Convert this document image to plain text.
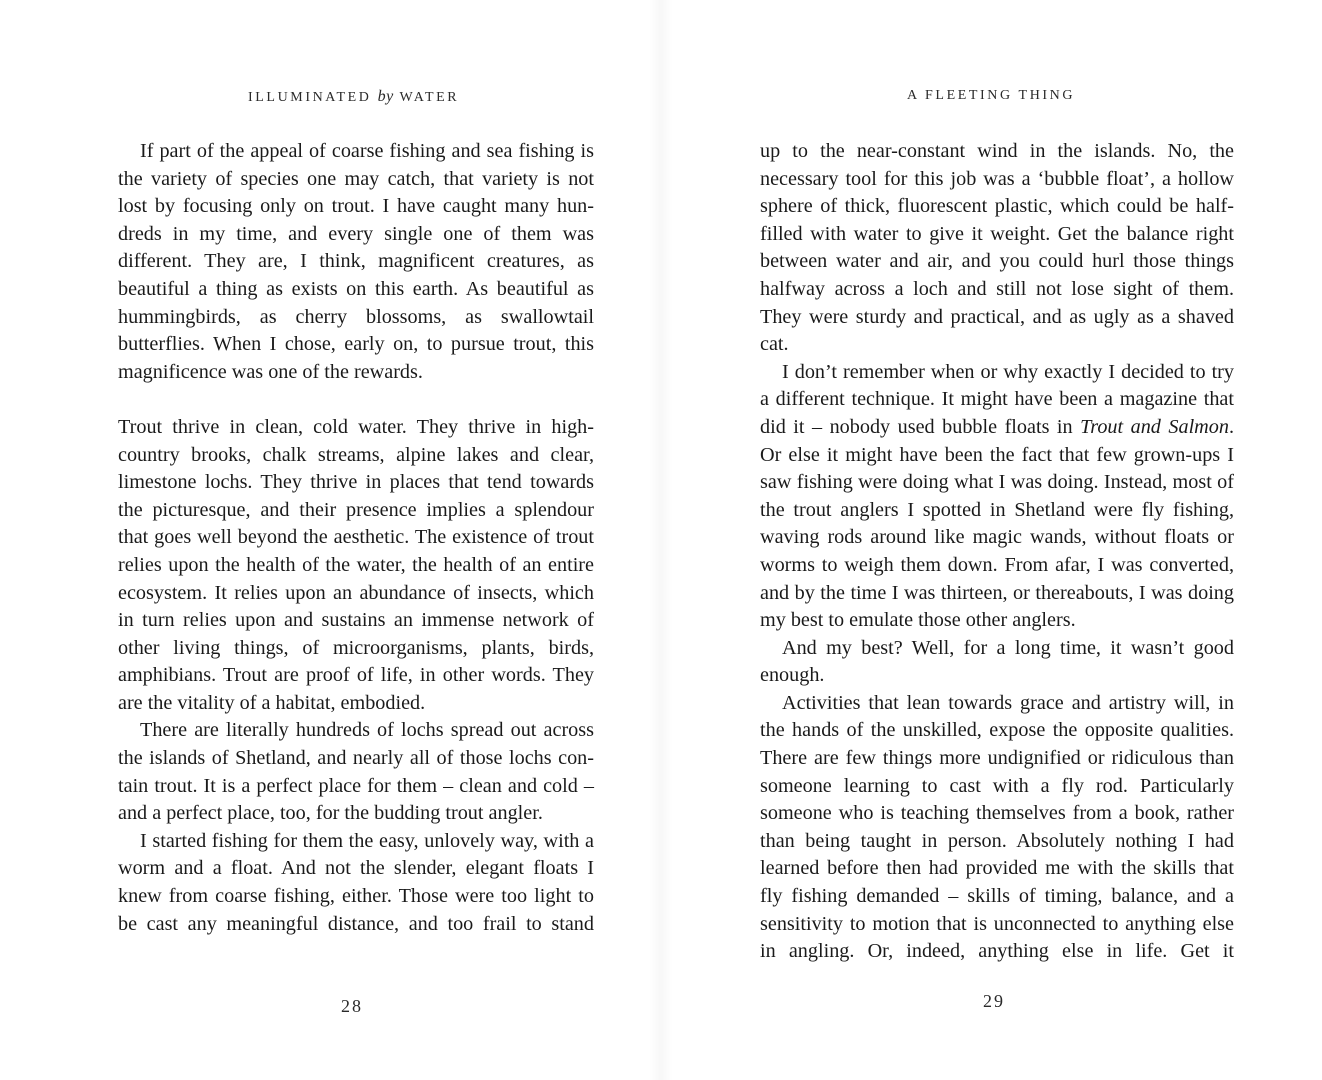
ILLUMINATED by WATER

If part of the appeal of coarse fishing and sea fishing is the variety of species one may catch, that variety is not lost by focusing only on trout. I have caught many hundreds in my time, and every single one of them was different. They are, I think, magnificent creatures, as beautiful a thing as exists on this earth. As beautiful as hummingbirds, as cherry blossoms, as swallowtail butterflies. When I chose, early on, to pursue trout, this magnificence was one of the rewards.

Trout thrive in clean, cold water. They thrive in high-country brooks, chalk streams, alpine lakes and clear, limestone lochs. They thrive in places that tend towards the picturesque, and their presence implies a splendour that goes well beyond the aesthetic. The existence of trout relies upon the health of the water, the health of an entire ecosystem. It relies upon an abundance of insects, which in turn relies upon and sustains an immense network of other living things, of microorganisms, plants, birds, amphibians. Trout are proof of life, in other words. They are the vitality of a habitat, embodied.

There are literally hundreds of lochs spread out across the islands of Shetland, and nearly all of those lochs contain trout. It is a perfect place for them – clean and cold – and a perfect place, too, for the budding trout angler.

I started fishing for them the easy, unlovely way, with a worm and a float. And not the slender, elegant floats I knew from coarse fishing, either. Those were too light to be cast any meaningful distance, and too frail to stand

28
A FLEETING THING

up to the near-constant wind in the islands. No, the necessary tool for this job was a ‘bubble float’, a hollow sphere of thick, fluorescent plastic, which could be half-filled with water to give it weight. Get the balance right between water and air, and you could hurl those things halfway across a loch and still not lose sight of them. They were sturdy and practical, and as ugly as a shaved cat.

I don’t remember when or why exactly I decided to try a different technique. It might have been a magazine that did it – nobody used bubble floats in Trout and Salmon. Or else it might have been the fact that few grown-ups I saw fishing were doing what I was doing. Instead, most of the trout anglers I spotted in Shetland were fly fishing, waving rods around like magic wands, without floats or worms to weigh them down. From afar, I was converted, and by the time I was thirteen, or thereabouts, I was doing my best to emulate those other anglers.

And my best? Well, for a long time, it wasn’t good enough.

Activities that lean towards grace and artistry will, in the hands of the unskilled, expose the opposite qualities. There are few things more undignified or ridiculous than someone learning to cast with a fly rod. Particularly someone who is teaching themselves from a book, rather than being taught in person. Absolutely nothing I had learned before then had provided me with the skills that fly fishing demanded – skills of timing, balance, and a sensitivity to motion that is unconnected to anything else in angling. Or, indeed, anything else in life. Get it

29
